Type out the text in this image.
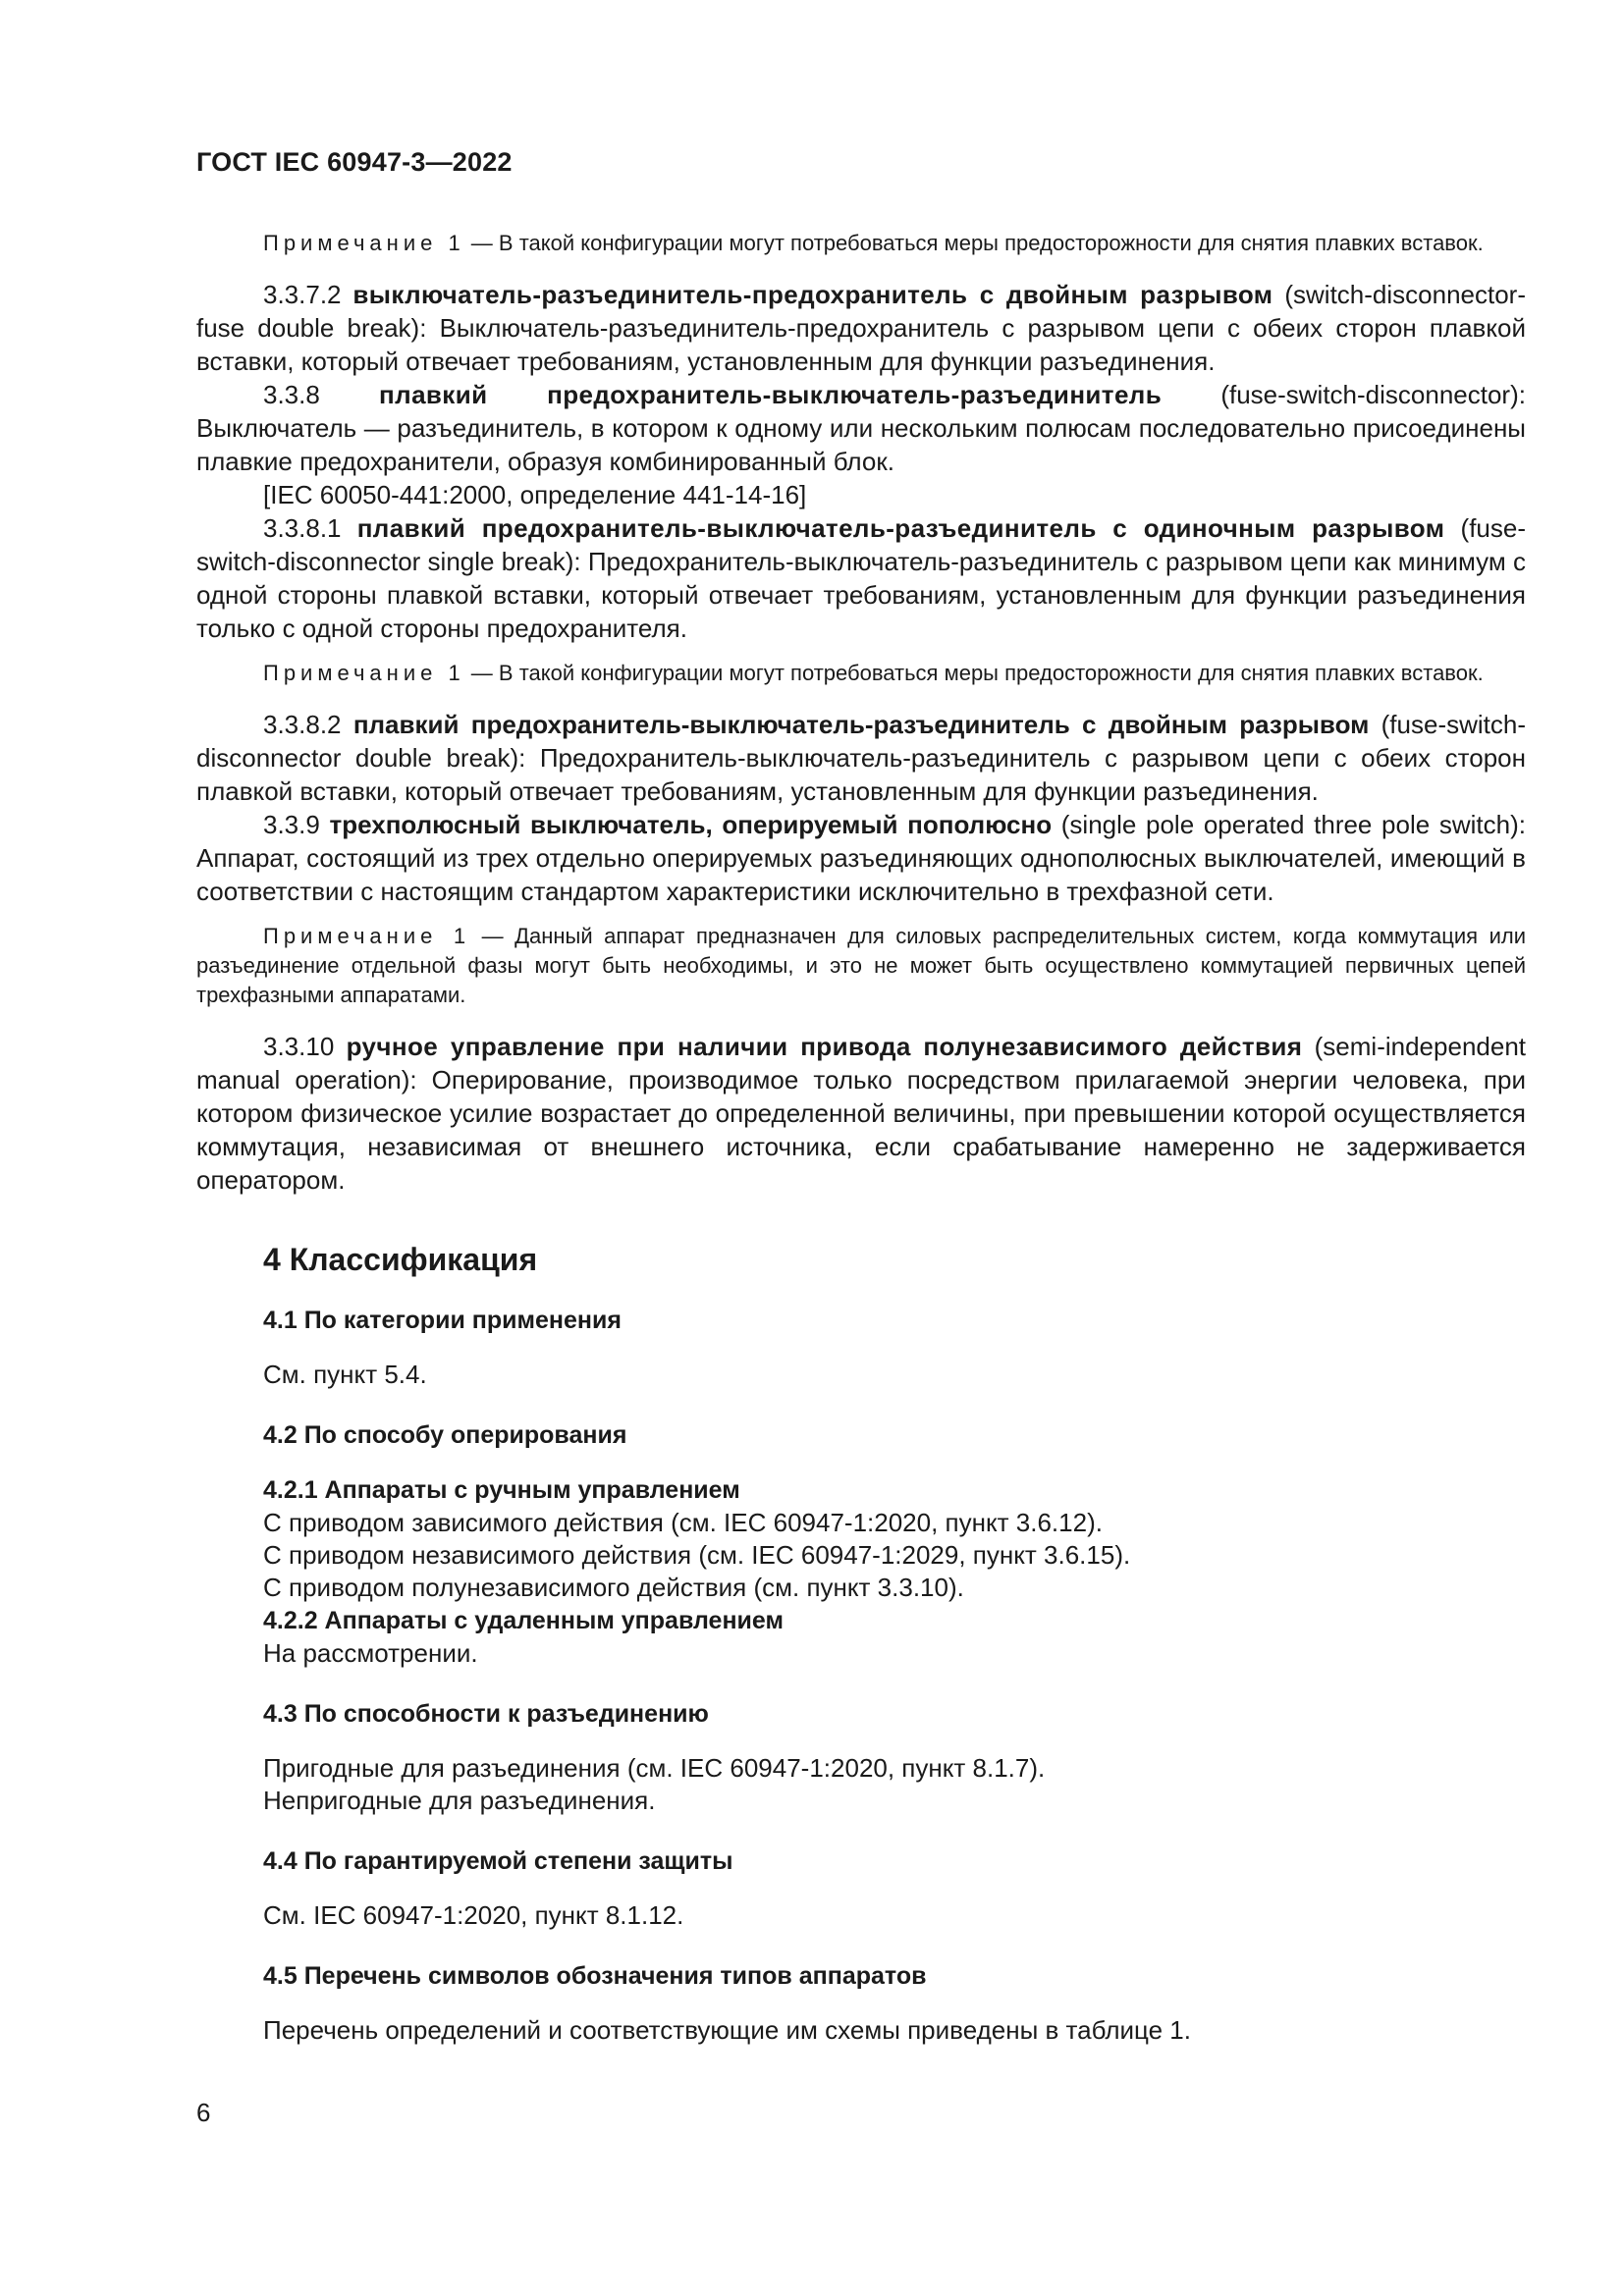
ГОСТ IEC 60947-3—2022

Примечание 1 — В такой конфигурации могут потребоваться меры предосторожности для снятия плавких вставок.

3.3.7.2 выключатель-разъединитель-предохранитель с двойным разрывом (switch-disconnector-fuse double break): Выключатель-разъединитель-предохранитель с разрывом цепи с обеих сторон плавкой вставки, который отвечает требованиям, установленным для функции разъединения.

3.3.8 плавкий предохранитель-выключатель-разъединитель (fuse-switch-disconnector): Выключатель — разъединитель, в котором к одному или нескольким полюсам последовательно присоединены плавкие предохранители, образуя комбинированный блок.

[IEC 60050-441:2000, определение 441-14-16]

3.3.8.1 плавкий предохранитель-выключатель-разъединитель с одиночным разрывом (fuse-switch-disconnector single break): Предохранитель-выключатель-разъединитель с разрывом цепи как минимум с одной стороны плавкой вставки, который отвечает требованиям, установленным для функции разъединения только с одной стороны предохранителя.

Примечание 1 — В такой конфигурации могут потребоваться меры предосторожности для снятия плавких вставок.

3.3.8.2 плавкий предохранитель-выключатель-разъединитель с двойным разрывом (fuse-switch-disconnector double break): Предохранитель-выключатель-разъединитель с разрывом цепи с обеих сторон плавкой вставки, который отвечает требованиям, установленным для функции разъединения.

3.3.9 трехполюсный выключатель, оперируемый пополюсно (single pole operated three pole switch): Аппарат, состоящий из трех отдельно оперируемых разъединяющих однополюсных выключателей, имеющий в соответствии с настоящим стандартом характеристики исключительно в трехфазной сети.

Примечание 1 — Данный аппарат предназначен для силовых распределительных систем, когда коммутация или разъединение отдельной фазы могут быть необходимы, и это не может быть осуществлено коммутацией первичных цепей трехфазными аппаратами.

3.3.10 ручное управление при наличии привода полунезависимого действия (semi-independent manual operation): Оперирование, производимое только посредством прилагаемой энергии человека, при котором физическое усилие возрастает до определенной величины, при превышении которой осуществляется коммутация, независимая от внешнего источника, если срабатывание намеренно не задерживается оператором.

4 Классификация
4.1 По категории применения
См. пункт 5.4.
4.2 По способу оперирования
4.2.1 Аппараты с ручным управлением
С приводом зависимого действия (см. IEC 60947-1:2020, пункт 3.6.12).
С приводом независимого действия (см. IEC 60947-1:2029, пункт 3.6.15).
С приводом полунезависимого действия (см. пункт 3.3.10).
4.2.2 Аппараты с удаленным управлением
На рассмотрении.
4.3 По способности к разъединению
Пригодные для разъединения (см. IEC 60947-1:2020, пункт 8.1.7).
Непригодные для разъединения.
4.4 По гарантируемой степени защиты
См. IEC 60947-1:2020, пункт 8.1.12.
4.5 Перечень символов обозначения типов аппаратов
Перечень определений и соответствующие им схемы приведены в таблице 1.
6
